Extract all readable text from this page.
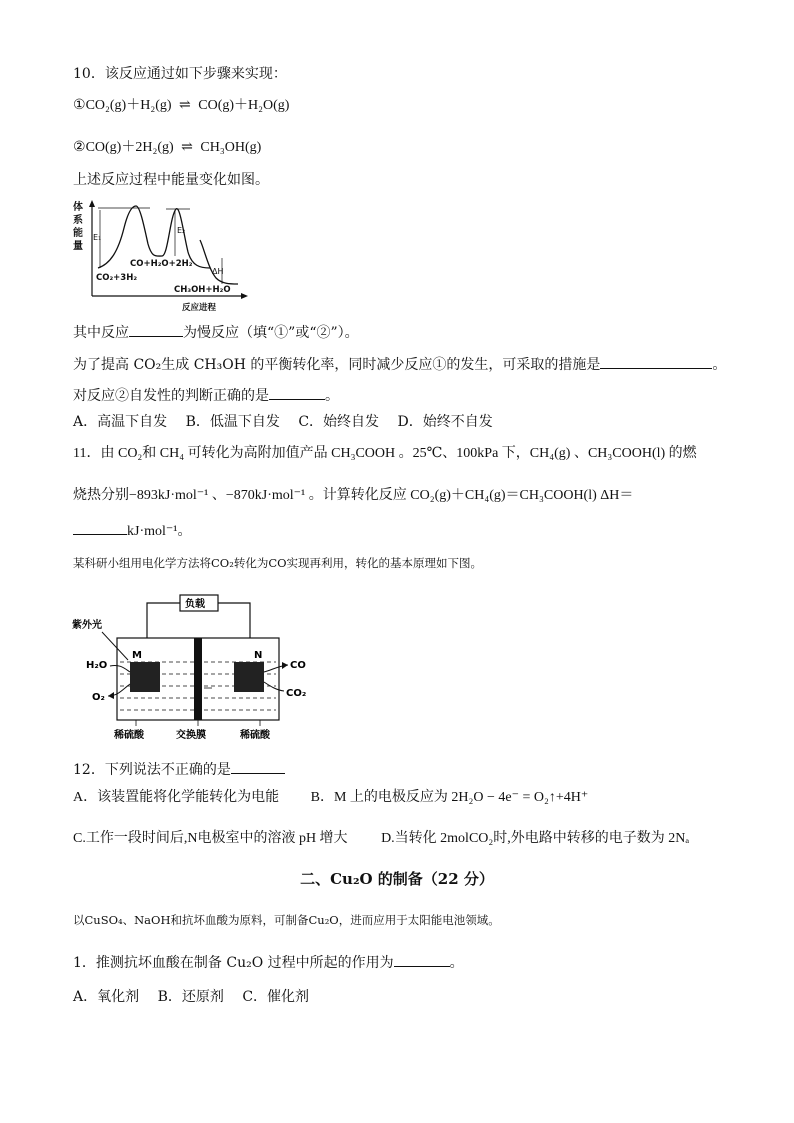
10．该反应通过如下步骤来实现：
①CO₂(g)＋H₂(g) ⇌ CO(g)＋H₂O(g)
②CO(g)＋2H₂(g) ⇌ CH₃OH(g)
上述反应过程中能量变化如图。
体
系
能
量
E₁
E₂
ΔH
CO₂+3H₂
CO+H₂O+2H₂
CH₃OH+H₂O
反应进程
其中反应	为慢反应（填“①”或“②”）。
为了提高 CO₂生成 CH₃OH 的平衡转化率，同时减少反应①的发生，可采取的措施是	。
对反应②自发性的判断正确的是	。
A．高温下自发 B．低温下自发 C．始终自发 D．始终不自发
11．由 CO₂和 CH₄ 可转化为高附加值产品 CH₃COOH 。25℃、100kPa 下，CH₄(g) 、CH₃COOH(l) 的燃
烧热分别−893kJ·mol⁻¹ 、−870kJ·mol⁻¹ 。计算转化反应 CO₂(g)＋CH₄(g)＝CH₃COOH(l) ΔH＝
kJ·mol⁻¹。
某科研小组用电化学方法将CO₂转化为CO实现再利用，转化的基本原理如下图。
负载
M	N
紫外光
H₂O
O₂
CO
CO₂
稀硫酸	交换膜	稀硫酸
12．下列说法不正确的是
A．该装置能将化学能转化为电能 B．M 上的电极反应为 2H₂O − 4e⁻ = O₂↑+4H⁺
C.工作一段时间后,N电极室中的溶液 pH 增大 D.当转化 2molCO₂时,外电路中转移的电子数为 2Nₐ
二、Cu₂O 的制备（22 分）
以CuSO₄、NaOH和抗坏血酸为原料，可制备Cu₂O，进而应用于太阳能电池领域。
1．推测抗坏血酸在制备 Cu₂O 过程中所起的作用为	。
A．氧化剂 B．还原剂 C．催化剂
